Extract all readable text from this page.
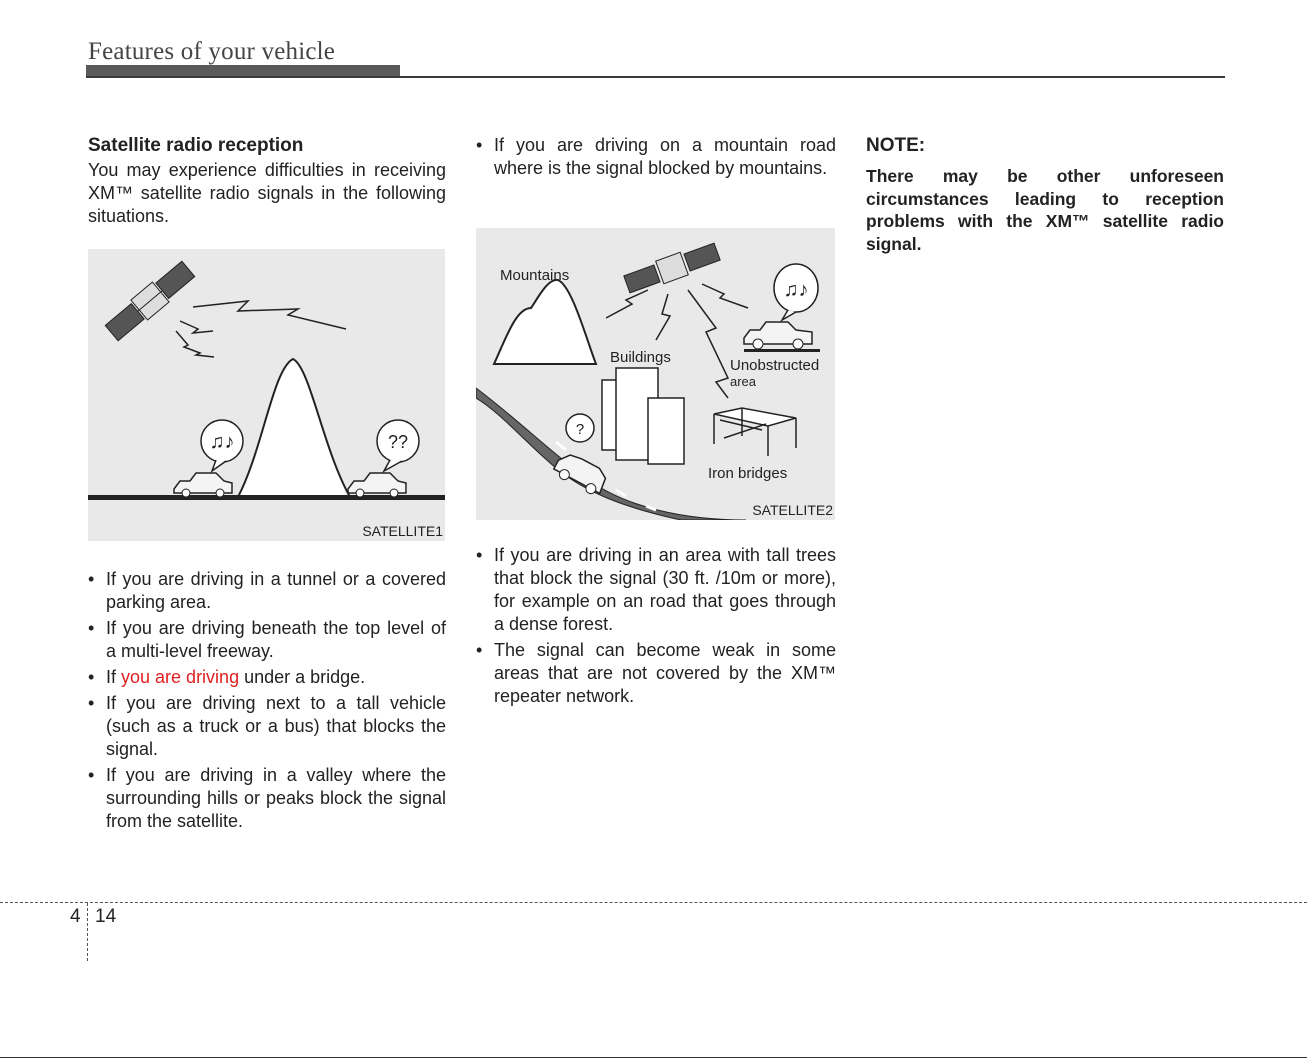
Features of your vehicle
Satellite radio reception

You may experience difficulties in receiving XM™ satellite radio signals in the following situations.

♫♪	??
SATELLITE1
• If you are driving in a tunnel or a covered parking area.
• If you are driving beneath the top level of a multi-level freeway.
• If you are driving under a bridge.
• If you are driving next to a tall vehicle (such as a truck or a bus) that blocks the signal.
• If you are driving in a valley where the surrounding hills or peaks block the signal from the satellite.
• If you are driving on a mountain road where is the signal blocked by mountains.
Mountains
♫♪
Unobstructed
area
Buildings
?
Iron bridges
SATELLITE2
• If you are driving in an area with tall trees that block the signal (30 ft. /10m or more), for example on an road that goes through a dense forest.
• The signal can become weak in some areas that are not covered by the XM™ repeater network.
NOTE:
There may be other unforeseen circumstances leading to reception problems with the XM™ satellite radio signal.
4 14
